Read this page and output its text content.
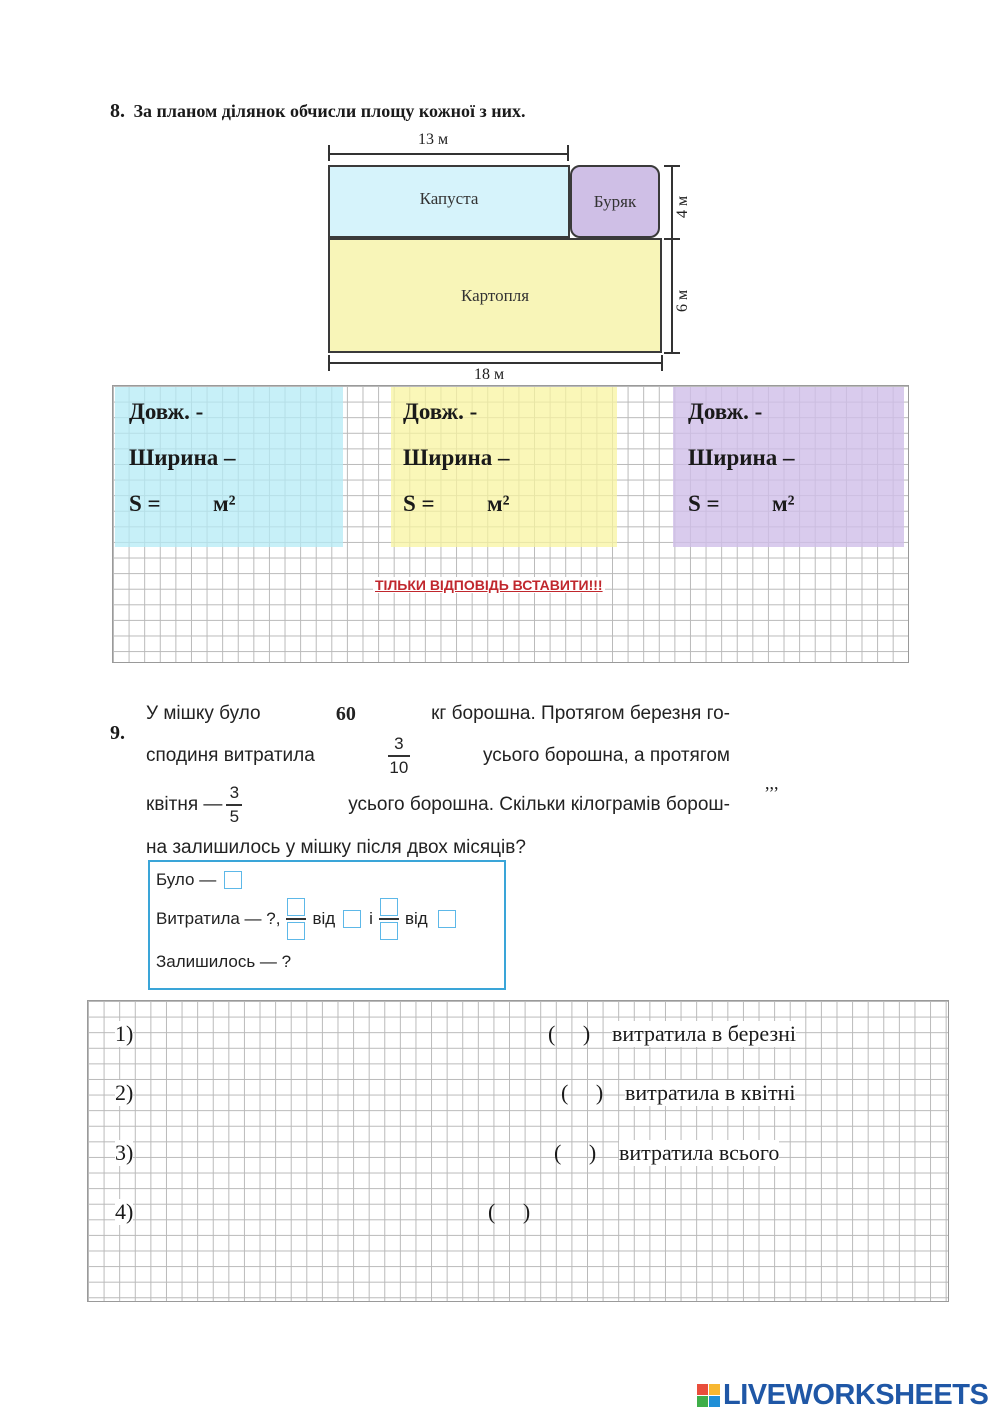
8. За планом ділянок обчисли площу кожної з них.
13 м
Капуста	Буряк
Картопля
4 м
6 м
18 м
Довж. -
Ширина –
S = м²
Довж. -
Ширина –
S = м²
Довж. -
Ширина –
S = м²
ТІЛЬКИ ВІДПОВІДЬ ВСТАВИТИ!!!
9.
У мішку було	60	кг борошна. Протягом березня го-
сподиня витратила	$\frac{3}{10}$	усього борошна, а протягом
квітня — $\frac{3}{5}$	усього борошна. Скільки кілограмів борош-
на залишилось у мішку після двох місяців?
,,,
Було —
Витратила — ?, від і від
Залишилось — ?
1)	(     ) витратила в березні
2)	(     ) витратила в квітні
3)	(     ) витратила всього
4)	(     )
LIVEWORKSHEETS
